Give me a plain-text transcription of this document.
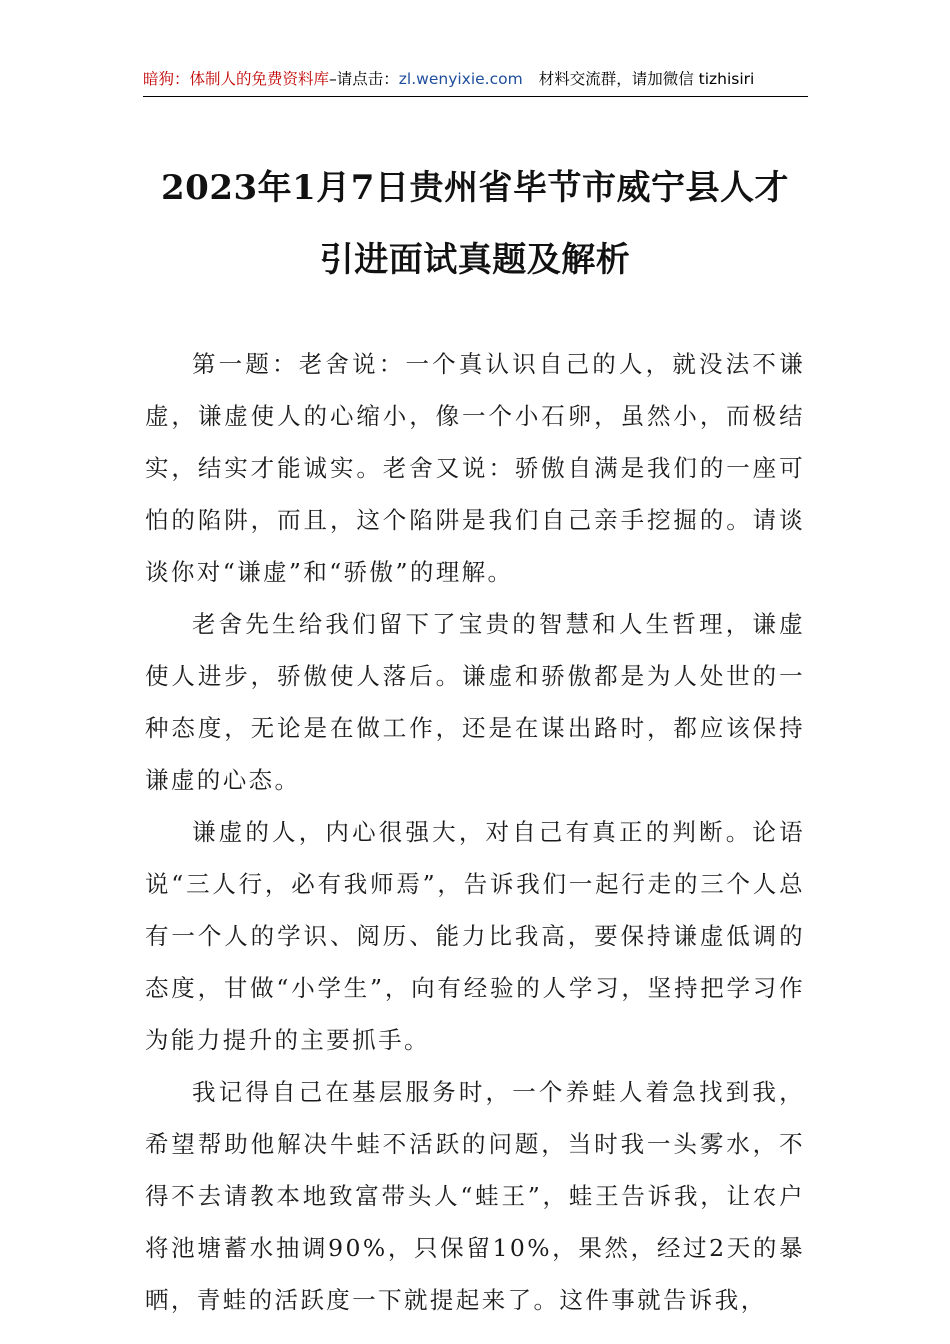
暗狗：体制人的免费资料库–请点击：zl.wenyixie.com 材料交流群，请加微信 tizhisiri
2023年1月7日贵州省毕节市威宁县人才
引进面试真题及解析

第一题：老舍说：一个真认识自己的人，就没法不谦虚，谦虚使人的心缩小，像一个小石卵，虽然小，而极结实，结实才能诚实。老舍又说：骄傲自满是我们的一座可怕的陷阱，而且，这个陷阱是我们自己亲手挖掘的。请谈谈你对“谦虚”和“骄傲”的理解。

老舍先生给我们留下了宝贵的智慧和人生哲理，谦虚使人进步，骄傲使人落后。谦虚和骄傲都是为人处世的一种态度，无论是在做工作，还是在谋出路时，都应该保持谦虚的心态。

谦虚的人，内心很强大，对自己有真正的判断。论语说“三人行，必有我师焉”，告诉我们一起行走的三个人总有一个人的学识、阅历、能力比我高，要保持谦虚低调的态度，甘做“小学生”，向有经验的人学习，坚持把学习作为能力提升的主要抓手。

我记得自己在基层服务时，一个养蛙人着急找到我，希望帮助他解决牛蛙不活跃的问题，当时我一头雾水，不得不去请教本地致富带头人“蛙王”，蛙王告诉我，让农户将池塘蓄水抽调90%，只保留10%，果然，经过2天的暴晒，青蛙的活跃度一下就提起来了。这件事就告诉我，
